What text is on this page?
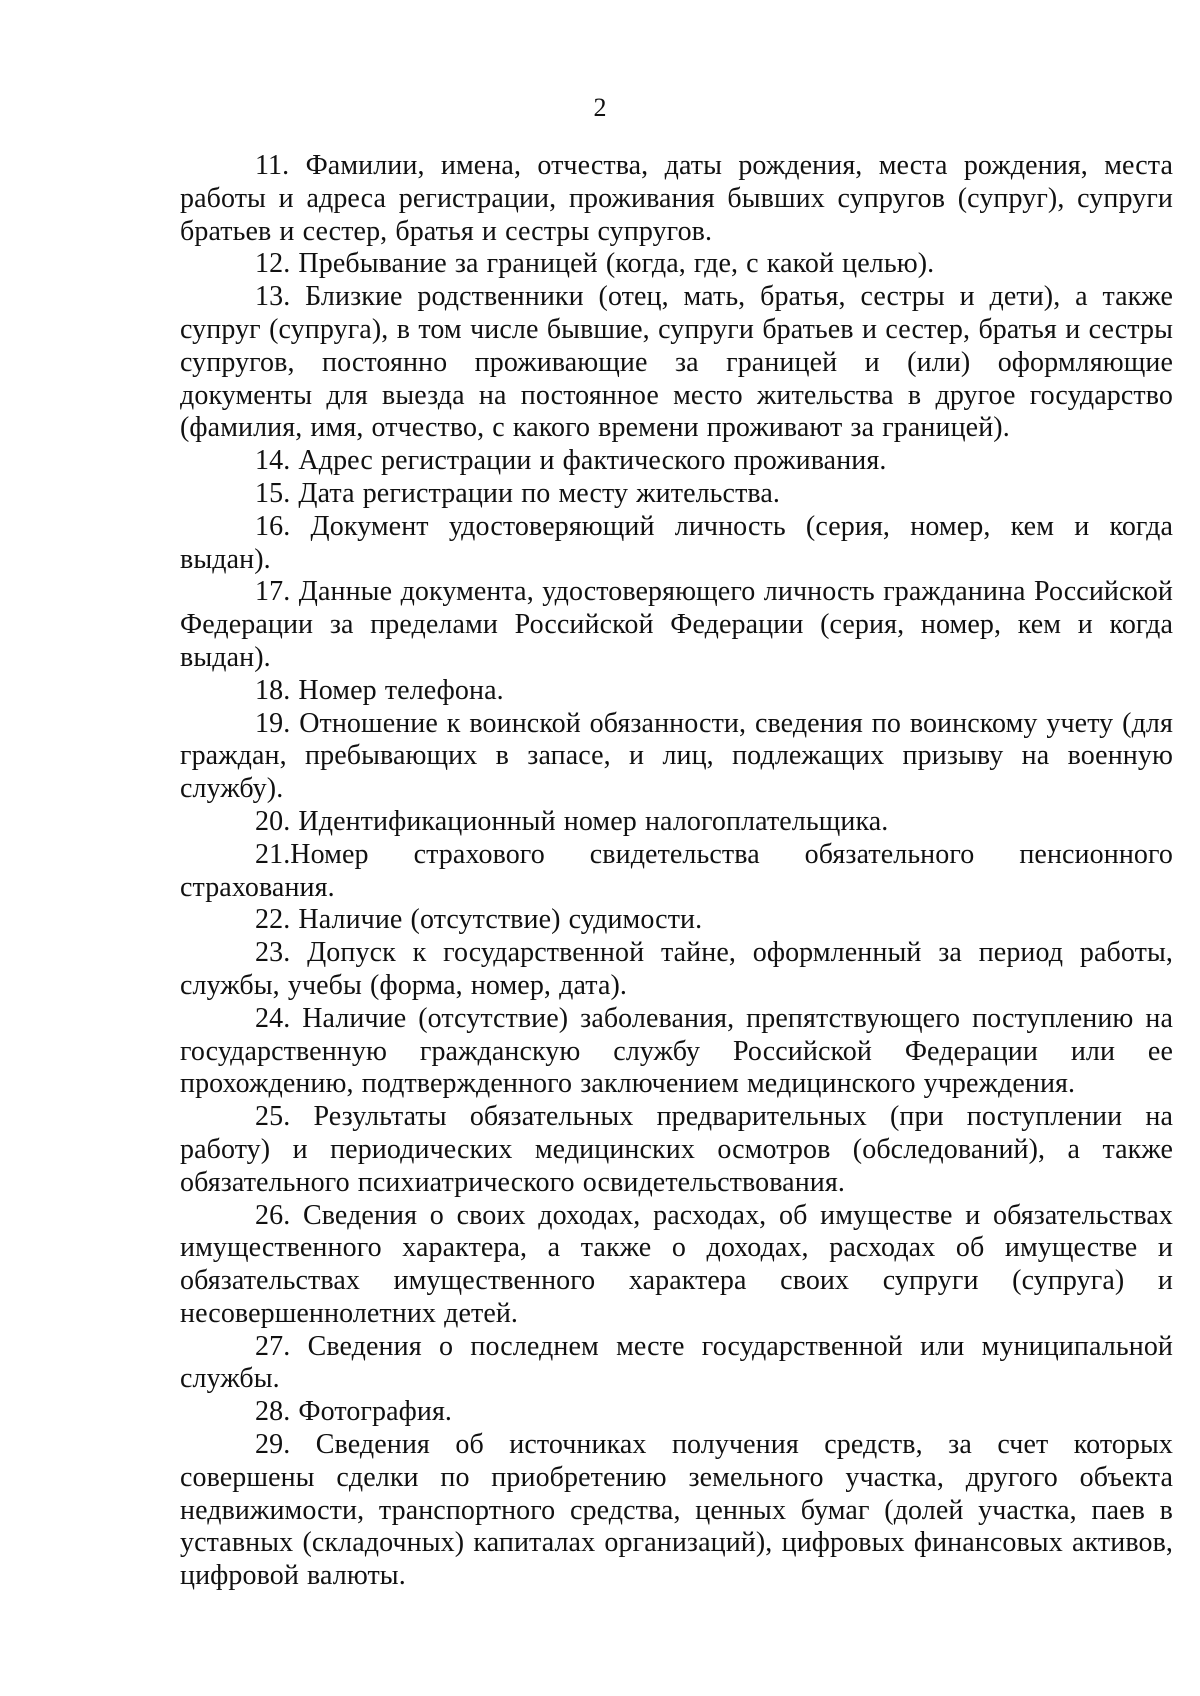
2

11. Фамилии, имена, отчества, даты рождения, места рождения, места работы и адреса регистрации, проживания бывших супругов (супруг), супруги братьев и сестер, братья и сестры супругов.

12. Пребывание за границей (когда, где, с какой целью).

13. Близкие родственники (отец, мать, братья, сестры и дети), а также супруг (супруга), в том числе бывшие, супруги братьев и сестер, братья и сестры супругов, постоянно проживающие за границей и (или) оформляющие документы для выезда на постоянное место жительства в другое государство (фамилия, имя, отчество, с какого времени проживают за границей).

14. Адрес регистрации и фактического проживания.

15. Дата регистрации по месту жительства.

16. Документ удостоверяющий личность (серия, номер, кем и когда выдан).

17. Данные документа, удостоверяющего личность гражданина Российской Федерации за пределами Российской Федерации (серия, номер, кем и когда выдан).

18. Номер телефона.

19. Отношение к воинской обязанности, сведения по воинскому учету (для граждан, пребывающих в запасе, и лиц, подлежащих призыву на военную службу).

20. Идентификационный номер налогоплательщика.

21.Номер страхового свидетельства обязательного пенсионного страхования.

22. Наличие (отсутствие) судимости.

23. Допуск к государственной тайне, оформленный за период работы, службы, учебы (форма, номер, дата).

24. Наличие (отсутствие) заболевания, препятствующего поступлению на государственную гражданскую службу Российской Федерации или ее прохождению, подтвержденного заключением медицинского учреждения.

25. Результаты обязательных предварительных (при поступлении на работу) и периодических медицинских осмотров (обследований), а также обязательного психиатрического освидетельствования.

26. Сведения о своих доходах, расходах, об имуществе и обязательствах имущественного характера, а также о доходах, расходах об имуществе и обязательствах имущественного характера своих супруги (супруга) и несовершеннолетних детей.

27. Сведения о последнем месте государственной или муниципальной службы.

28. Фотография.

29. Сведения об источниках получения средств, за счет которых совершены сделки по приобретению земельного участка, другого объекта недвижимости, транспортного средства, ценных бумаг (долей участка, паев в уставных (складочных) капиталах организаций), цифровых финансовых активов, цифровой валюты.
